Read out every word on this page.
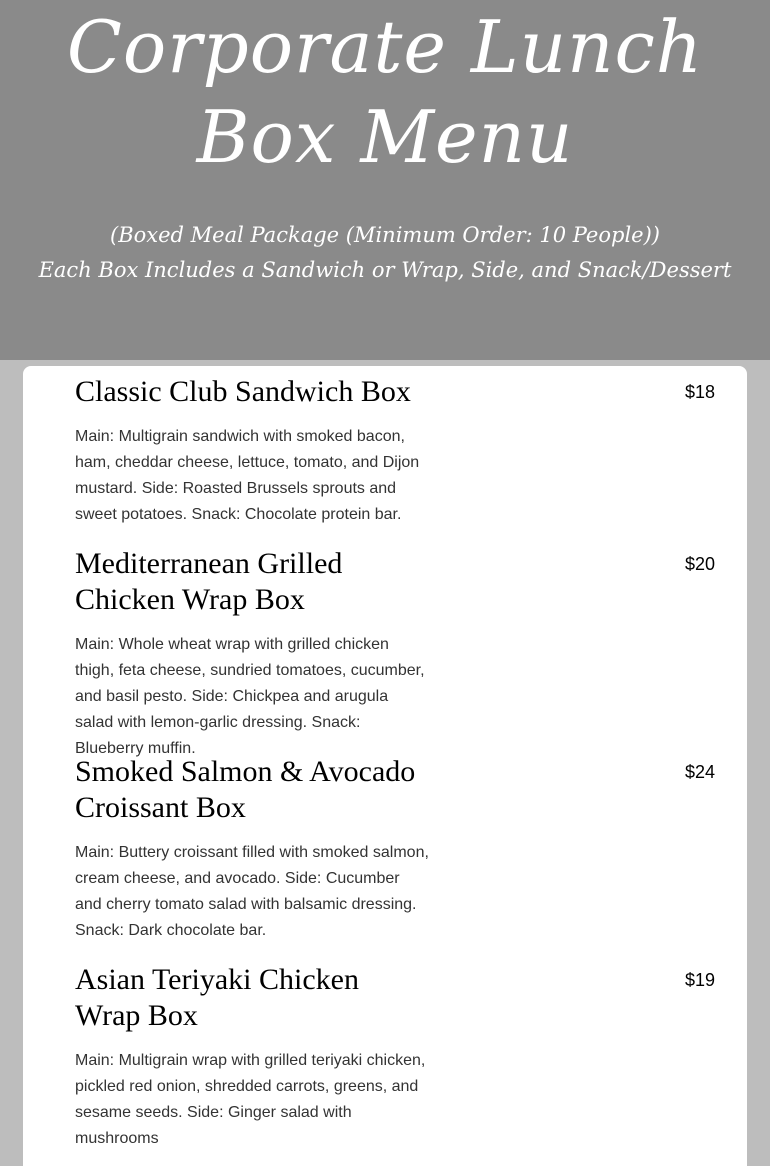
Corporate Lunch Box Menu
(Boxed Meal Package (Minimum Order: 10 People))
Each Box Includes a Sandwich or Wrap, Side, and Snack/Dessert
Classic Club Sandwich Box

Main: Multigrain sandwich with smoked bacon, ham, cheddar cheese, lettuce, tomato, and Dijon mustard. Side: Roasted Brussels sprouts and sweet potatoes. Snack: Chocolate protein bar.

$18
Mediterranean Grilled Chicken Wrap Box

Main: Whole wheat wrap with grilled chicken thigh, feta cheese, sundried tomatoes, cucumber, and basil pesto. Side: Chickpea and arugula salad with lemon-garlic dressing. Snack: Blueberry muffin.

$20
Smoked Salmon & Avocado Croissant Box

Main: Buttery croissant filled with smoked salmon, cream cheese, and avocado. Side: Cucumber and cherry tomato salad with balsamic dressing. Snack: Dark chocolate bar.

$24
Asian Teriyaki Chicken Wrap Box

Main: Multigrain wrap with grilled teriyaki chicken, pickled red onion, shredded carrots, greens, and sesame seeds. Side: Ginger salad with mushrooms

$19
